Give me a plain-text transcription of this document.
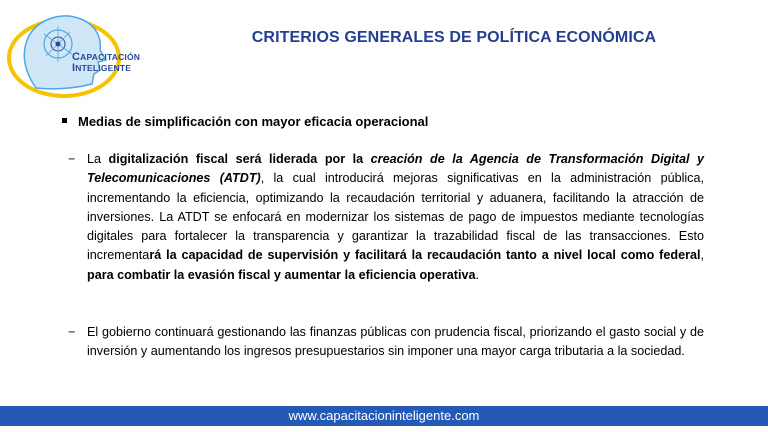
CAPACITACIÓN
INTELIGENTE
CRITERIOS GENERALES DE POLÍTICA ECONÓMICA
Medias de simplificación con mayor eficacia operacional
− La digitalización fiscal será liderada por la creación de la Agencia de Transformación Digital y Telecomunicaciones (ATDT), la cual introducirá mejoras significativas en la administración pública, incrementando la eficiencia, optimizando la recaudación territorial y aduanera, facilitando la atracción de inversiones. La ATDT se enfocará en modernizar los sistemas de pago de impuestos mediante tecnologías digitales para fortalecer la transparencia y garantizar la trazabilidad fiscal de las transacciones. Esto incrementará la capacidad de supervisión y facilitará la recaudación tanto a nivel local como federal, para combatir la evasión fiscal y aumentar la eficiencia operativa.
− El gobierno continuará gestionando las finanzas públicas con prudencia fiscal, priorizando el gasto social y de inversión y aumentando los ingresos presupuestarios sin imponer una mayor carga tributaria a la sociedad.
www.capacitacioninteligente.com
